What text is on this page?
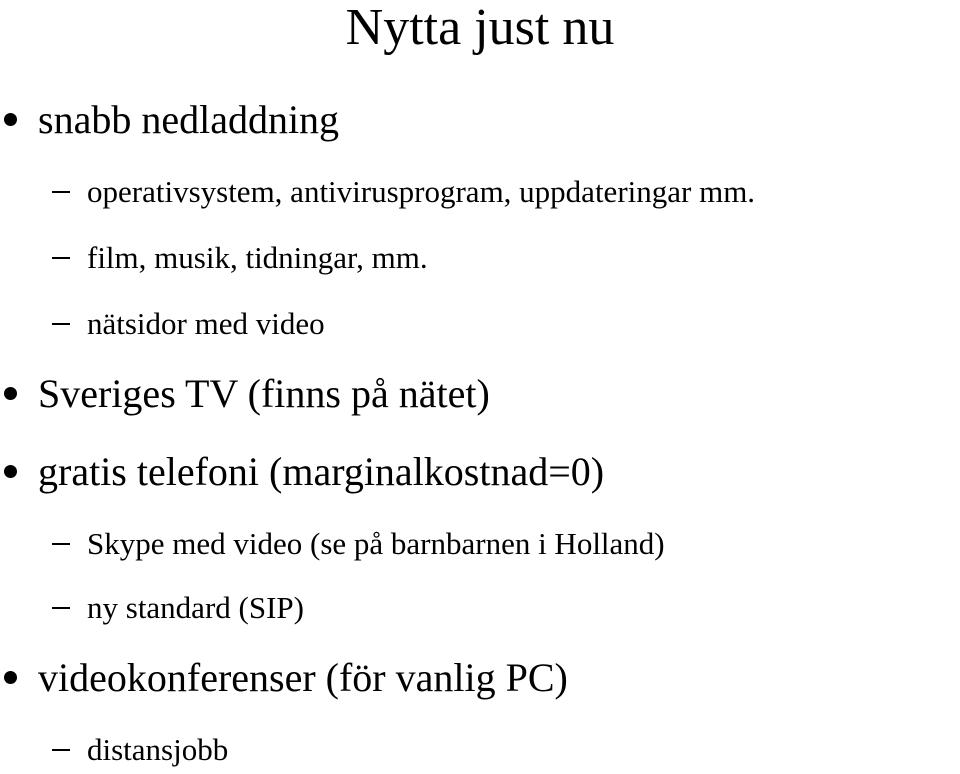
Nytta just nu
snabb nedladdning
operativsystem, antivirusprogram, uppdateringar mm.
film, musik, tidningar, mm.
nätsidor med video
Sveriges TV (finns på nätet)
gratis telefoni (marginalkostnad=0)
Skype med video (se på barnbarnen i Holland)
ny standard (SIP)
videokonferenser (för vanlig PC)
distansjobb
